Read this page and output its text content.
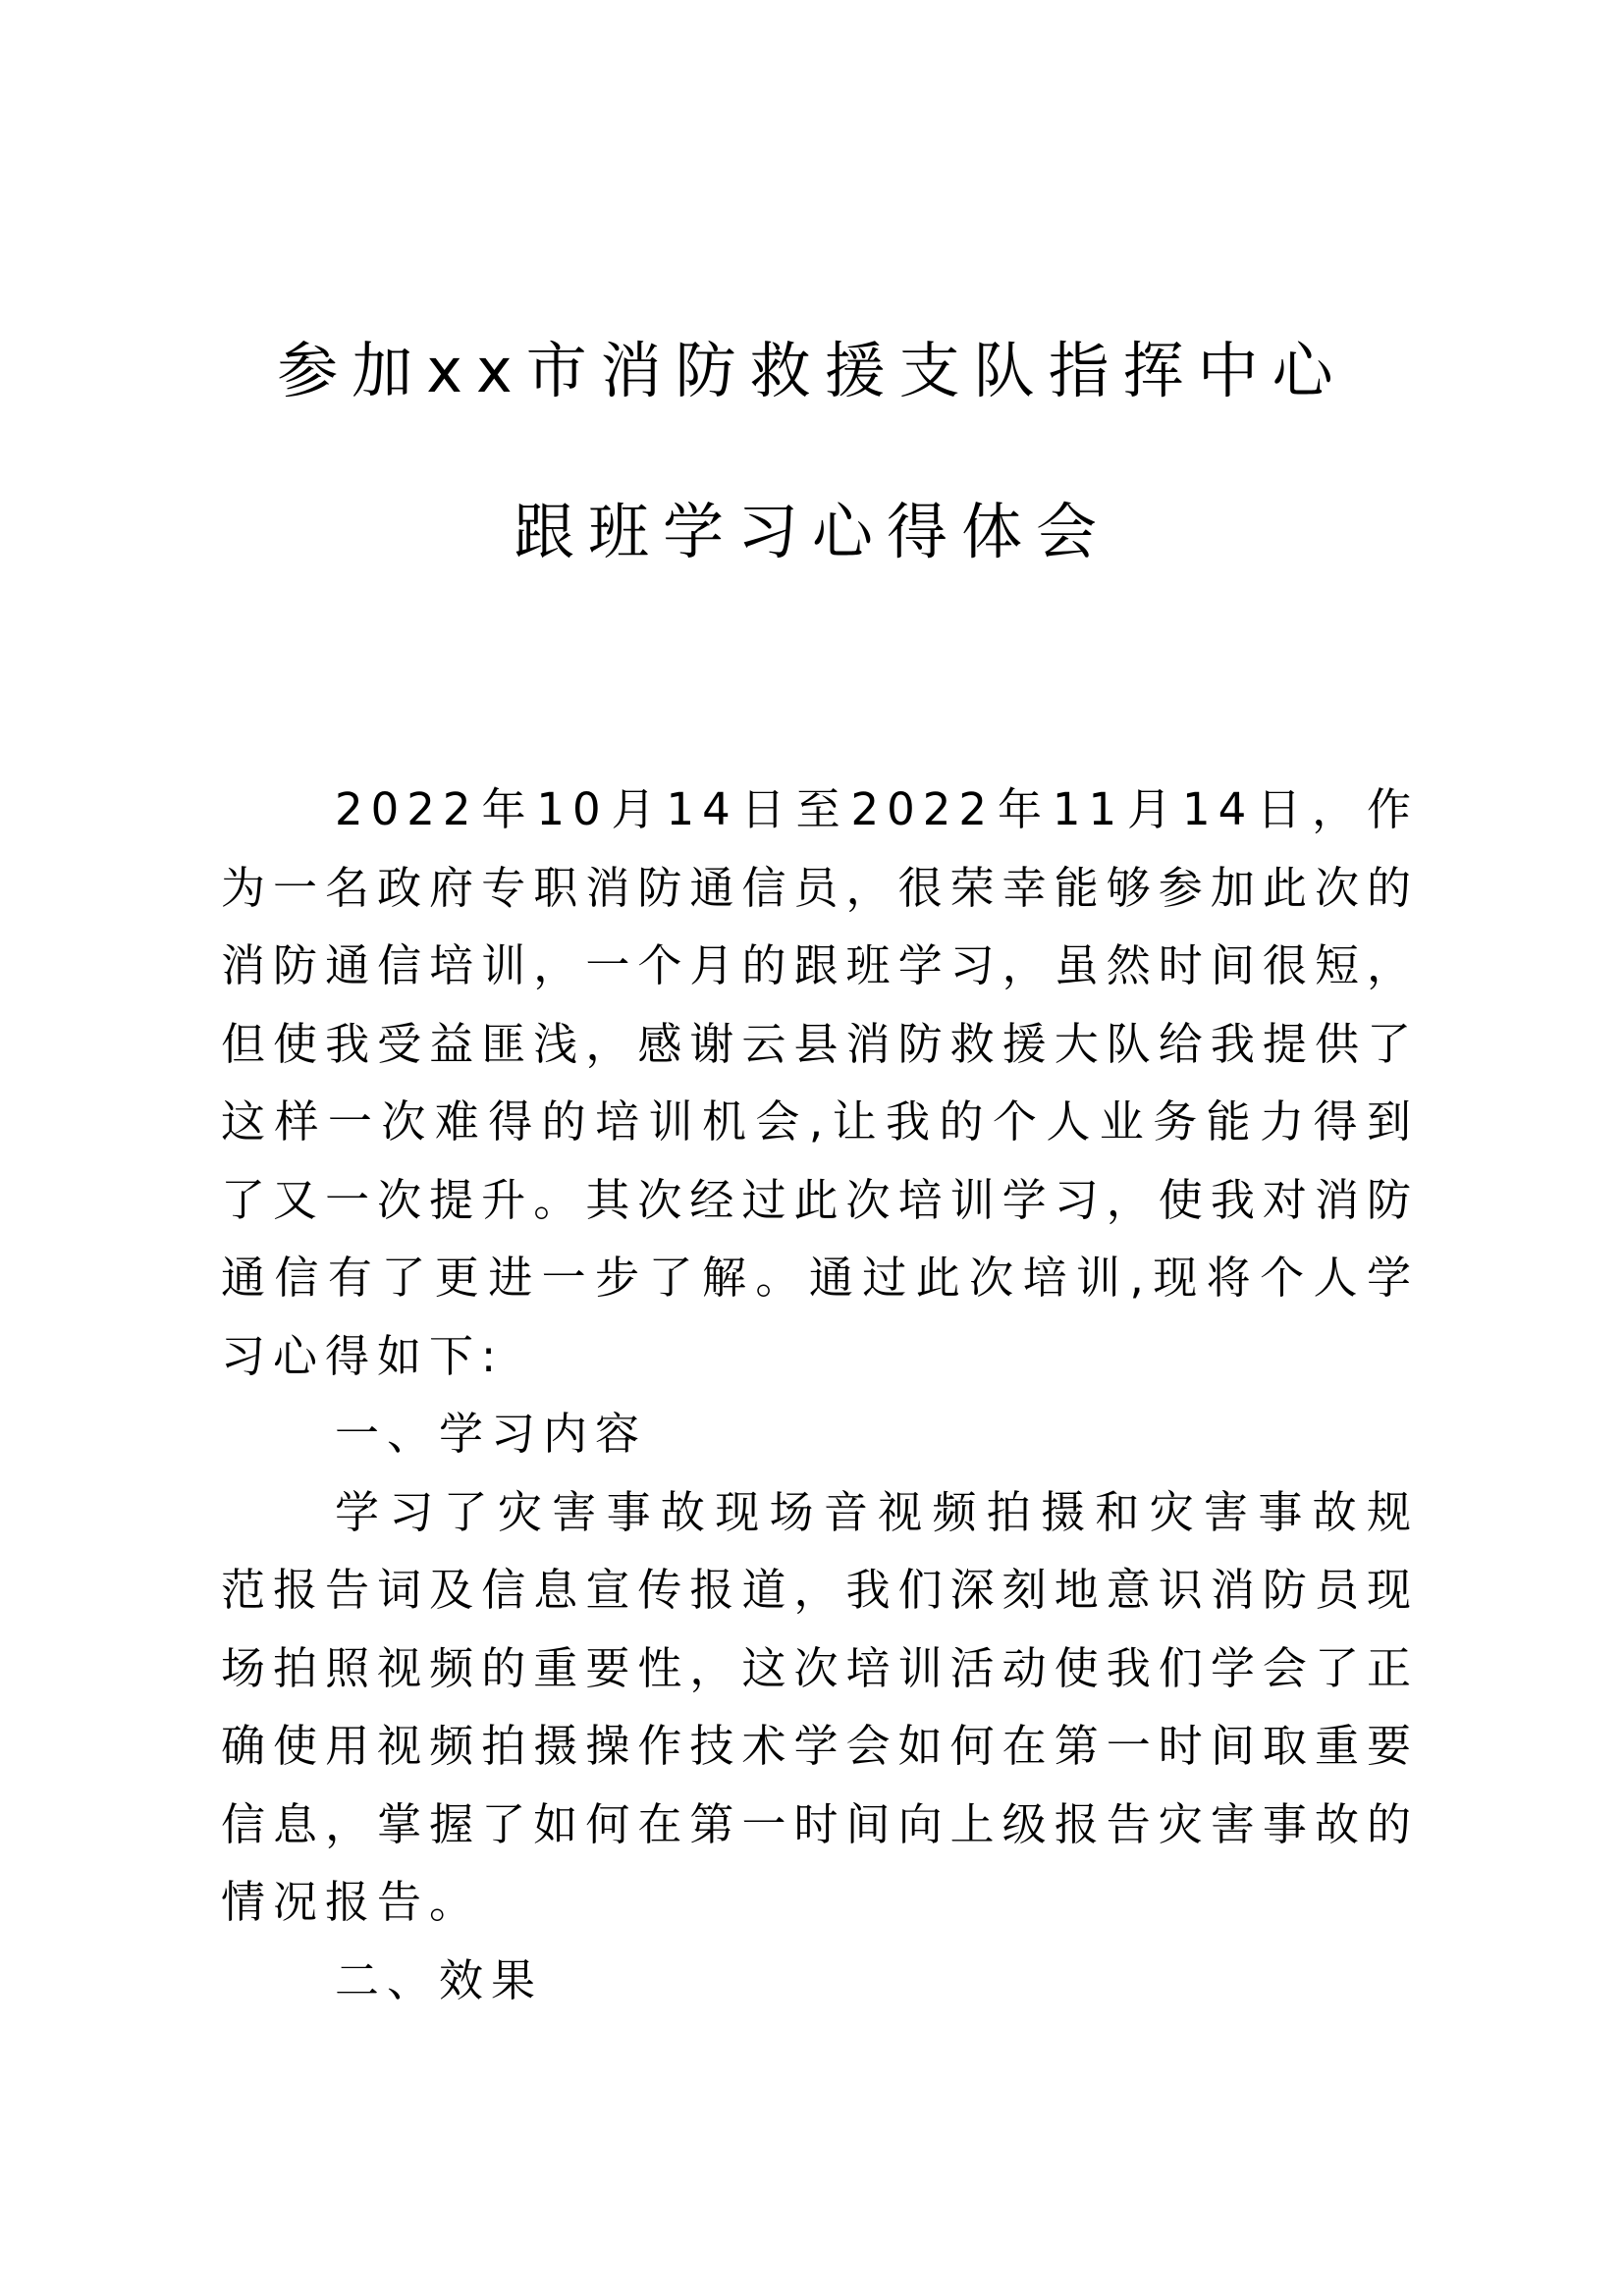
参加xx市消防救援支队指挥中心
跟班学习心得体会

2022年10月14日至2022年11月14日，作为一名政府专职消防通信员，很荣幸能够参加此次的消防通信培训，一个月的跟班学习，虽然时间很短，但使我受益匪浅，感谢云县消防救援大队给我提供了这样一次难得的培训机会,让我的个人业务能力得到了又一次提升。其次经过此次培训学习，使我对消防通信有了更进一步了解。通过此次培训,现将个人学习心得如下:

一、学习内容

学习了灾害事故现场音视频拍摄和灾害事故规范报告词及信息宣传报道，我们深刻地意识消防员现场拍照视频的重要性，这次培训活动使我们学会了正确使用视频拍摄操作技术学会如何在第一时间取重要信息，掌握了如何在第一时间向上级报告灾害事故的情况报告。

二、效果
